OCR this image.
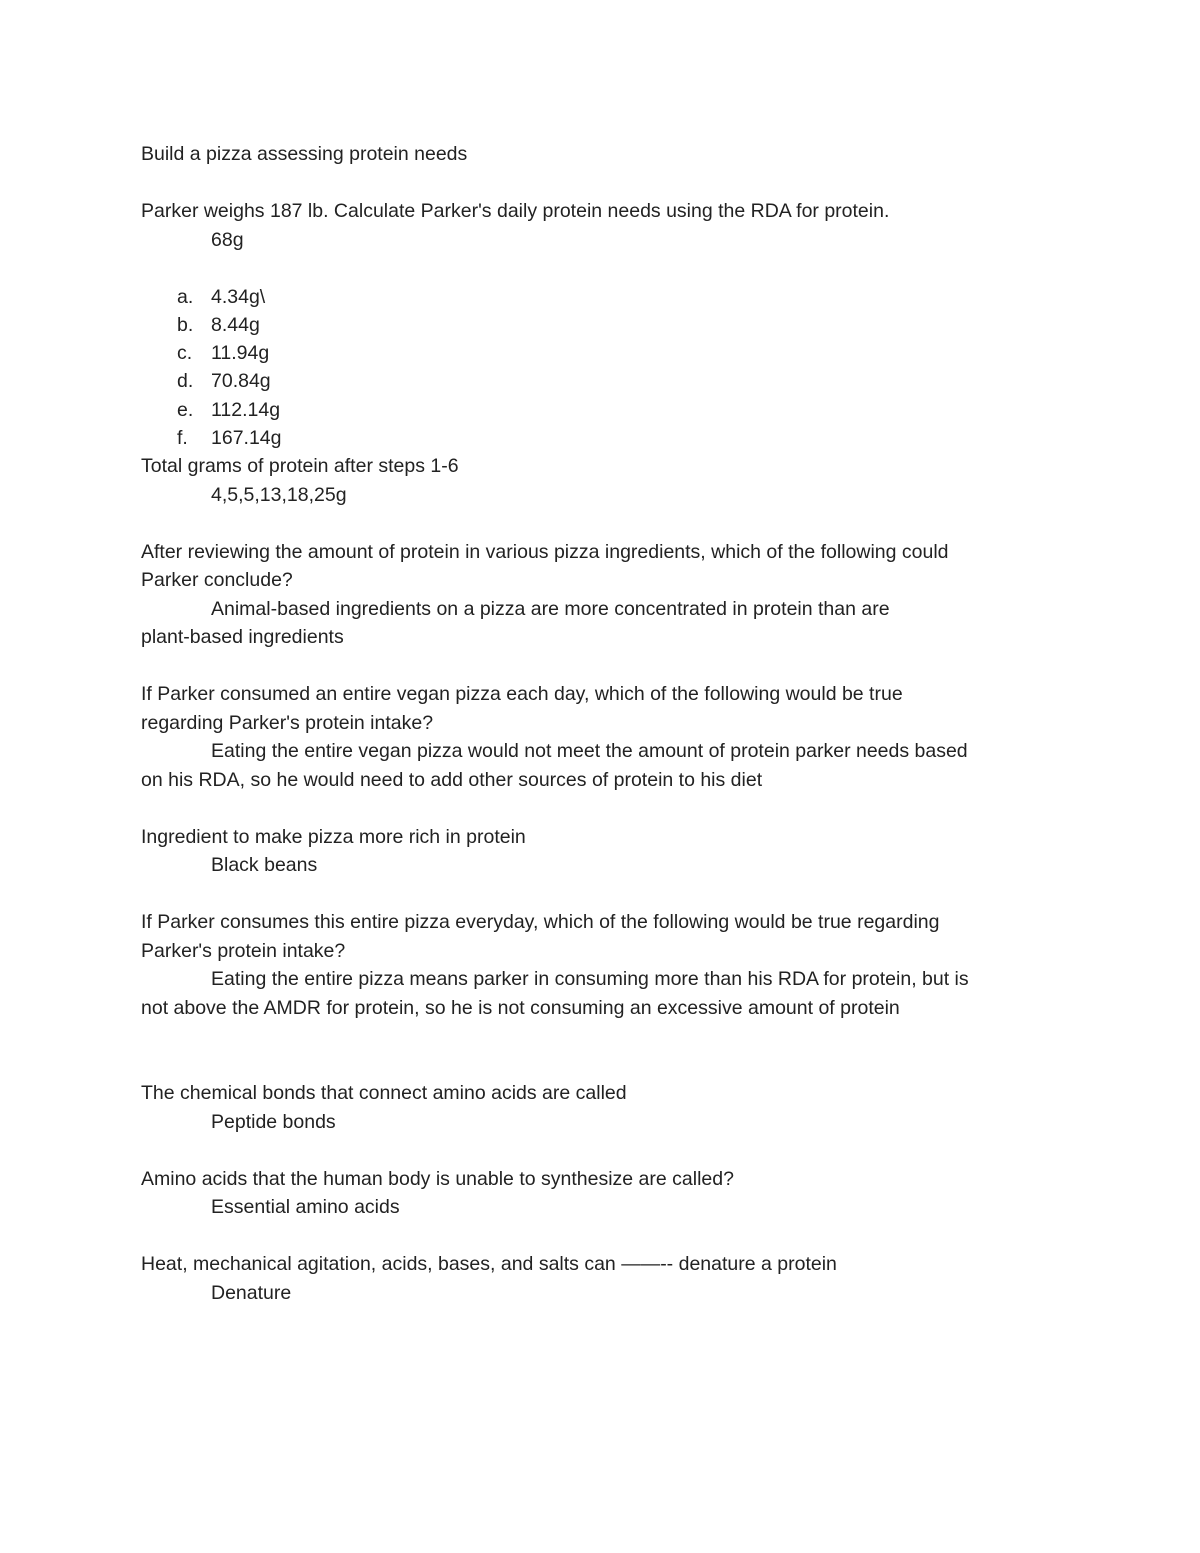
Build a pizza assessing protein needs
Parker weighs 187 lb. Calculate Parker's daily protein needs using the RDA for protein.
68g
a. 4.34g\
b. 8.44g
c. 11.94g
d. 70.84g
e. 112.14g
f. 167.14g
Total grams of protein after steps 1-6
4,5,5,13,18,25g
After reviewing the amount of protein in various pizza ingredients, which of the following could
Parker conclude?
Animal-based ingredients on a pizza are more concentrated in protein than are
plant-based ingredients
If Parker consumed an entire vegan pizza each day, which of the following would be true
regarding Parker's protein intake?
Eating the entire vegan pizza would not meet the amount of protein parker needs based
on his RDA, so he would need to add other sources of protein to his diet
Ingredient to make pizza more rich in protein
Black beans
If Parker consumes this entire pizza everyday, which of the following would be true regarding
Parker's protein intake?
Eating the entire pizza means parker in consuming more than his RDA for protein, but is
not above the AMDR for protein, so he is not consuming an excessive amount of protein
The chemical bonds that connect amino acids are called
Peptide bonds
Amino acids that the human body is unable to synthesize are called?
Essential amino acids
Heat, mechanical agitation, acids, bases, and salts can ——-- denature a protein
Denature
